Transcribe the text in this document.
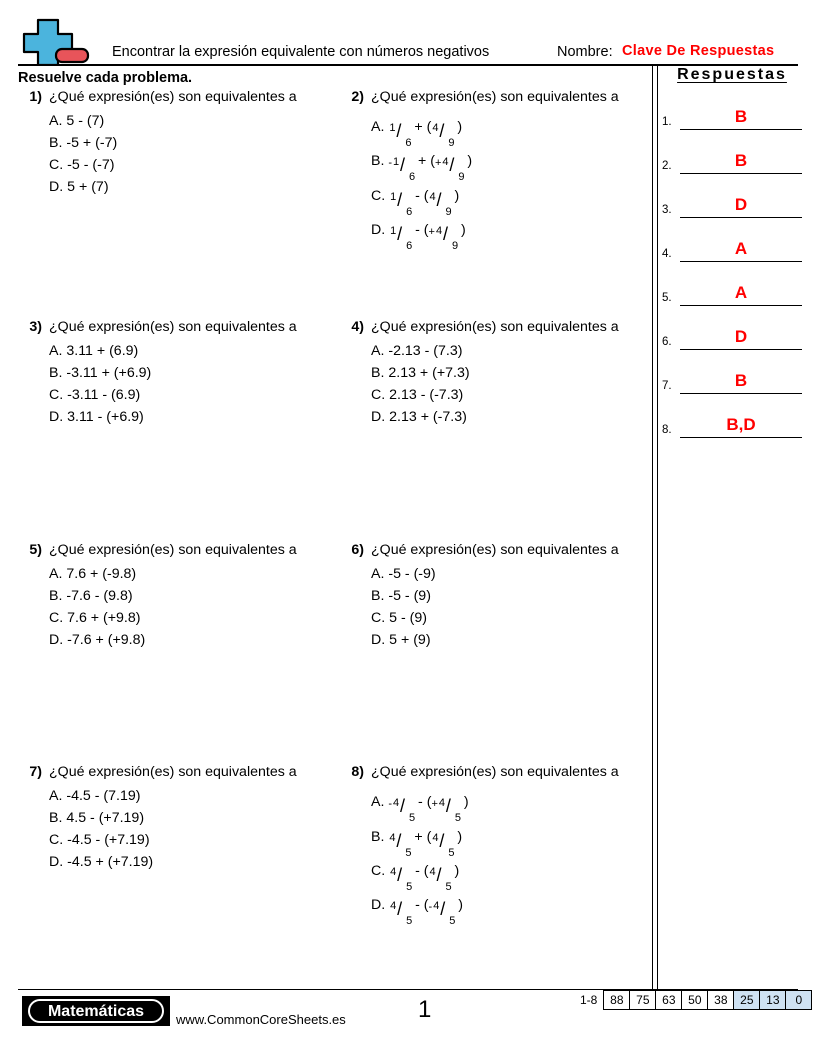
Encontrar la expresión equivalente con números negativos	Nombre: Clave De Respuestas
Resuelve cada problema.
1) ¿Qué expresión(es) son equivalentes a
A. 5 - (7)
B. -5 + (-7)
C. -5 - (-7)
D. 5 + (7)
2) ¿Qué expresión(es) son equivalentes a
A. 1 /
6
+ ( 4 /
9
)
B. - 1 /
6
+ (+ 4 /
9
)
C. 1 /
6
- ( 4 /
9
)
D. 1 /
6
- (+ 4 /
9
)
3) ¿Qué expresión(es) son equivalentes a
A. 3.11 + (6.9)
B. -3.11 + (+6.9)
C. -3.11 - (6.9)
D. 3.11 - (+6.9)
4) ¿Qué expresión(es) son equivalentes a
A. -2.13 - (7.3)
B. 2.13 + (+7.3)
C. 2.13 - (-7.3)
D. 2.13 + (-7.3)
5) ¿Qué expresión(es) son equivalentes a
A. 7.6 + (-9.8)
B. -7.6 - (9.8)
C. 7.6 + (+9.8)
D. -7.6 + (+9.8)
6) ¿Qué expresión(es) son equivalentes a
A. -5 - (-9)
B. -5 - (9)
C. 5 - (9)
D. 5 + (9)
7) ¿Qué expresión(es) son equivalentes a
A. -4.5 - (7.19)
B. 4.5 - (+7.19)
C. -4.5 - (+7.19)
D. -4.5 + (+7.19)
8) ¿Qué expresión(es) son equivalentes a
A. - 4 /
5
- (+ 4 /
5
)
B. 4 /
5
+ ( 4 /
5
)
C. 4 /
5
- ( 4 /
5
)
D. 4 /
5
- (- 4 /
5
)
Respuestas
1.	B
2.	B
3.	D
4.	A
5.	A
6.	D
7.	B
8.	B,D
Matemáticas	www.CommonCoreSheets.es	1	1-8	88	75	63	50	38	25	13	0
